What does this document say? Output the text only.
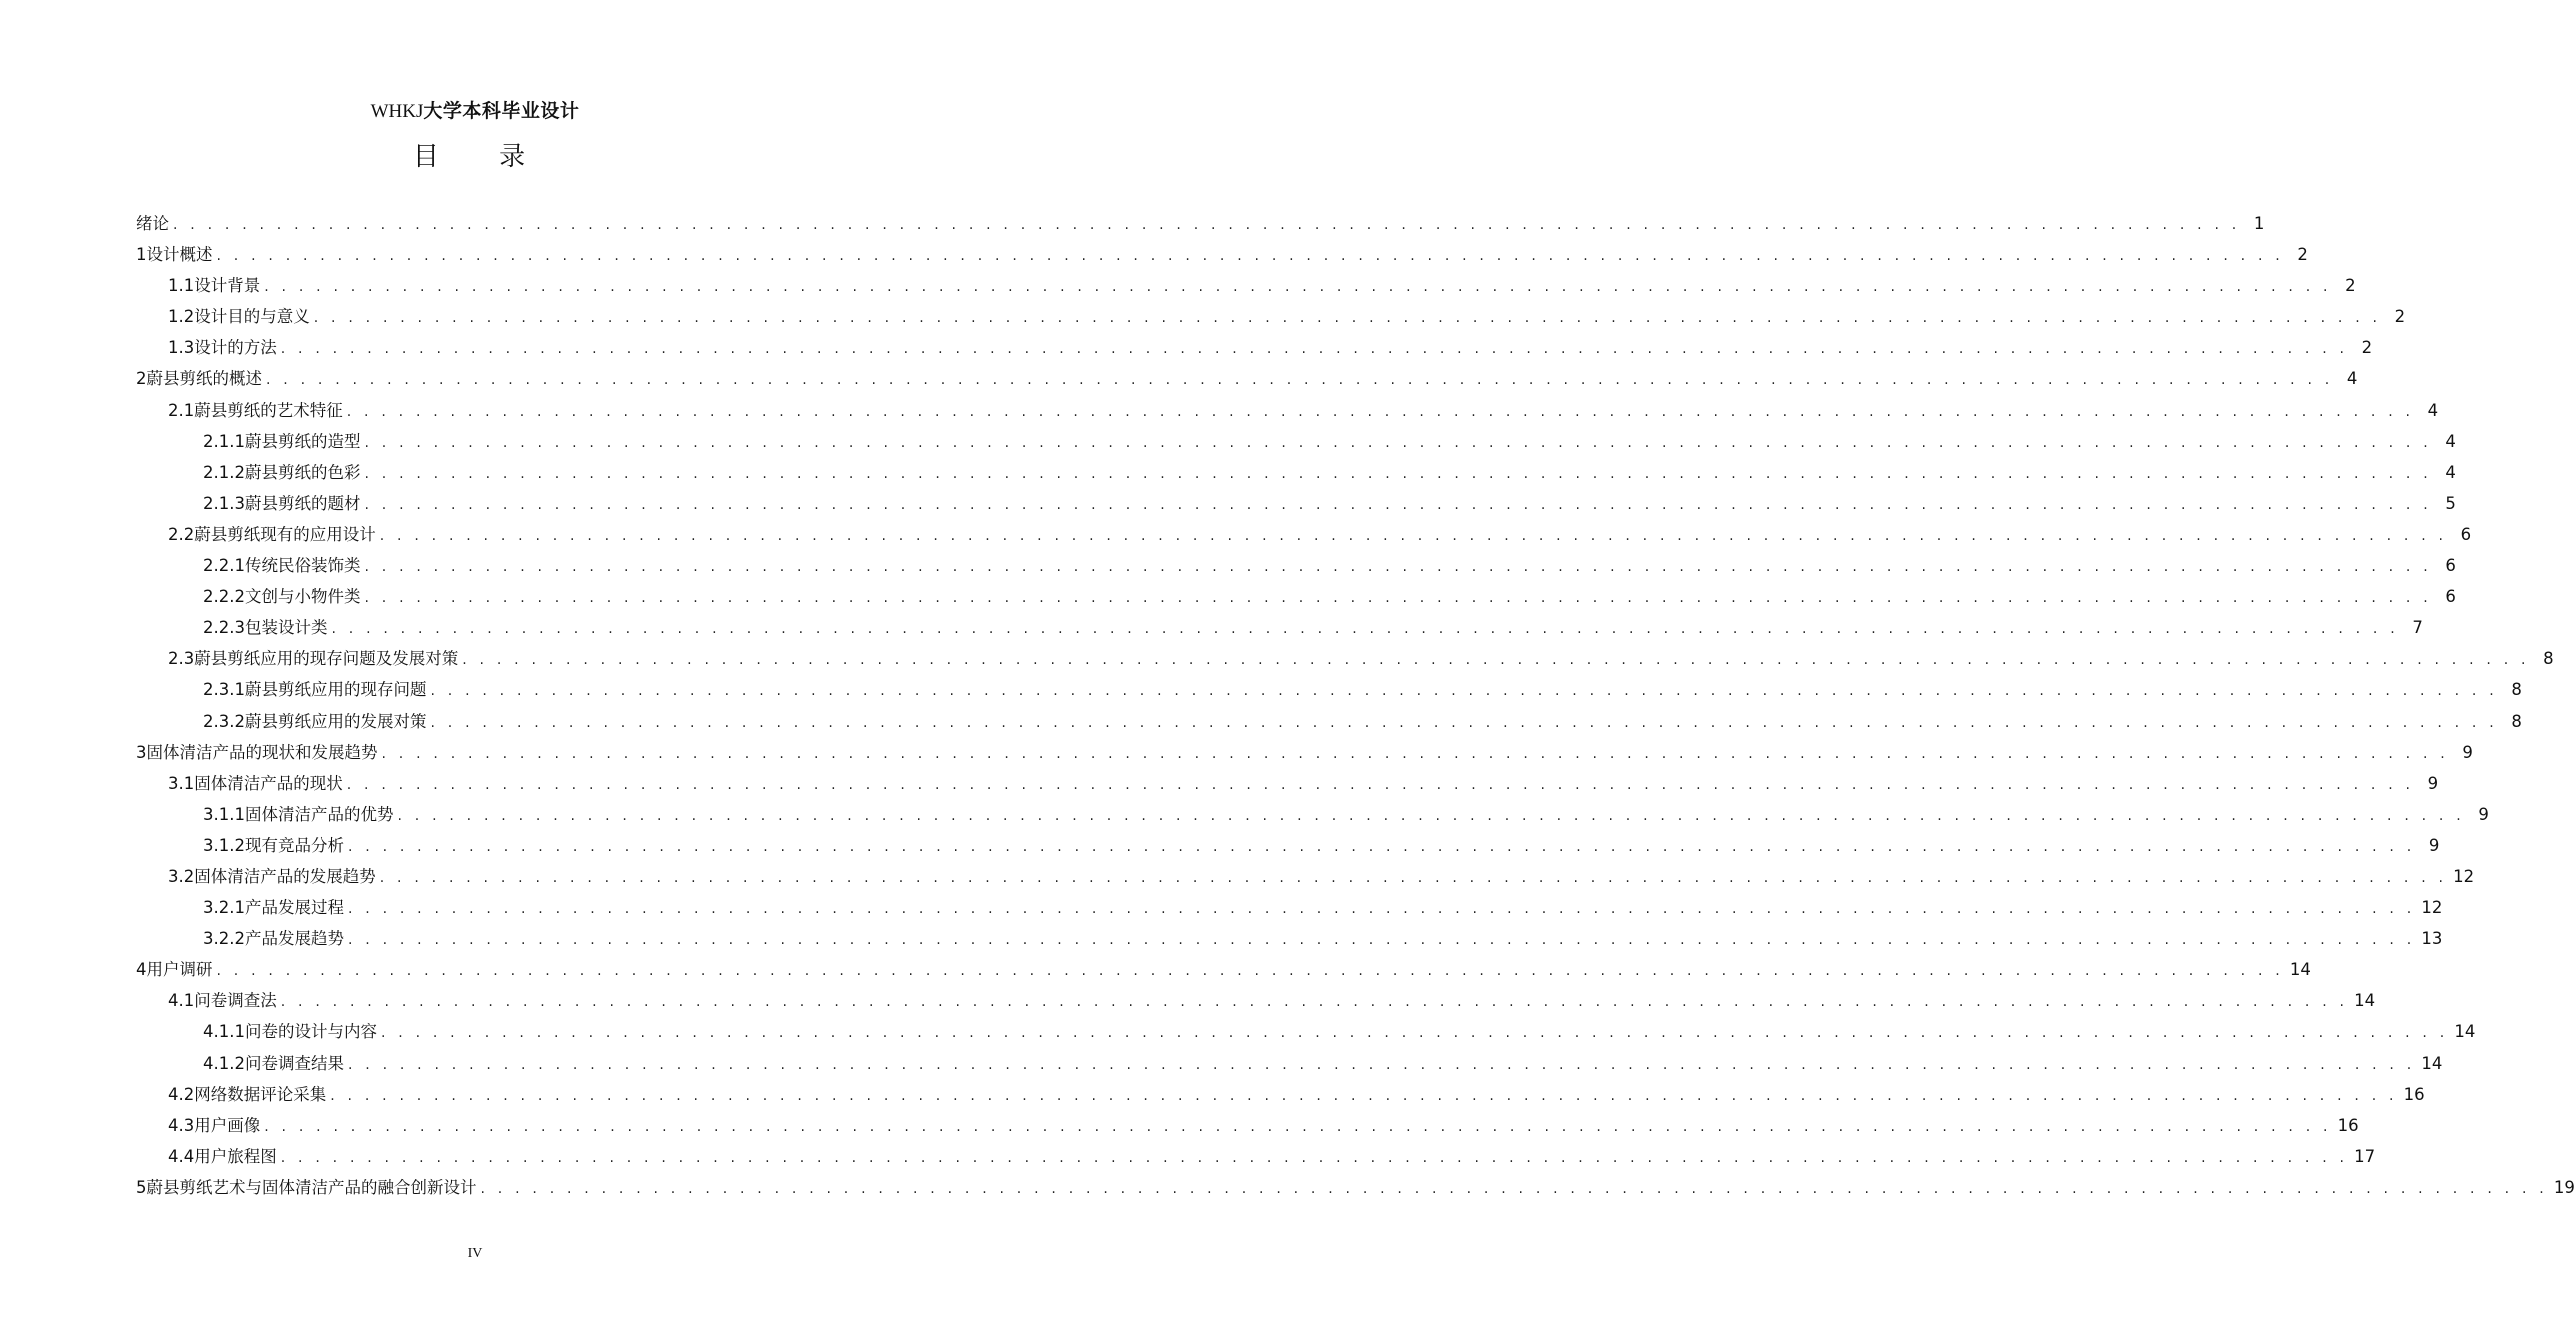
WHKJ大学本科毕业设计
目 录
绪论 . . . . . . . . . . . . . . . . . . . . . . . . . . . . . . . . . . . . . . . . . . . . . . . . . . . . . . . . . . . . . . . . . . . . . . . . . . . . . . . . . . . . . . . . . . . . . . . . . . . . . . . . . . . . . . . . . . . . . . . . 1
1 设计概述 . . . . . . . . . . . . . . . . . . . . . . . . . . . . . . . . . . . . . . . . . . . . . . . . . . . . . . . . . . . . . . . . . . . . . . . . . . . . . . . . . . . . . . . . . . . . . . . . . . . . . . . . . . . . . . . . . . . . . . . . 2
1.1 设计背景 . . . . . . . . . . . . . . . . . . . . . . . . . . . . . . . . . . . . . . . . . . . . . . . . . . . . . . . . . . . . . . . . . . . . . . . . . . . . . . . . . . . . . . . . . . . . . . . . . . . . . . . . . . . . . . . . . . . . . . . . 2
1.2 设计目的与意义 . . . . . . . . . . . . . . . . . . . . . . . . . . . . . . . . . . . . . . . . . . . . . . . . . . . . . . . . . . . . . . . . . . . . . . . . . . . . . . . . . . . . . . . . . . . . . . . . . . . . . . . . . . . . . . . . . . . . . . . . 2
1.3 设计的方法 . . . . . . . . . . . . . . . . . . . . . . . . . . . . . . . . . . . . . . . . . . . . . . . . . . . . . . . . . . . . . . . . . . . . . . . . . . . . . . . . . . . . . . . . . . . . . . . . . . . . . . . . . . . . . . . . . . . . . . . . 2
2 蔚县剪纸的概述 . . . . . . . . . . . . . . . . . . . . . . . . . . . . . . . . . . . . . . . . . . . . . . . . . . . . . . . . . . . . . . . . . . . . . . . . . . . . . . . . . . . . . . . . . . . . . . . . . . . . . . . . . . . . . . . . . . . . . . . . 4
2.1 蔚县剪纸的艺术特征 . . . . . . . . . . . . . . . . . . . . . . . . . . . . . . . . . . . . . . . . . . . . . . . . . . . . . . . . . . . . . . . . . . . . . . . . . . . . . . . . . . . . . . . . . . . . . . . . . . . . . . . . . . . . . . . . . . . . . . . . 4
2.1.1 蔚县剪纸的造型 . . . . . . . . . . . . . . . . . . . . . . . . . . . . . . . . . . . . . . . . . . . . . . . . . . . . . . . . . . . . . . . . . . . . . . . . . . . . . . . . . . . . . . . . . . . . . . . . . . . . . . . . . . . . . . . . . . . . . . . . 4
2.1.2 蔚县剪纸的色彩 . . . . . . . . . . . . . . . . . . . . . . . . . . . . . . . . . . . . . . . . . . . . . . . . . . . . . . . . . . . . . . . . . . . . . . . . . . . . . . . . . . . . . . . . . . . . . . . . . . . . . . . . . . . . . . . . . . . . . . . . 4
2.1.3 蔚县剪纸的题材 . . . . . . . . . . . . . . . . . . . . . . . . . . . . . . . . . . . . . . . . . . . . . . . . . . . . . . . . . . . . . . . . . . . . . . . . . . . . . . . . . . . . . . . . . . . . . . . . . . . . . . . . . . . . . . . . . . . . . . . . 5
2.2 蔚县剪纸现有的应用设计 . . . . . . . . . . . . . . . . . . . . . . . . . . . . . . . . . . . . . . . . . . . . . . . . . . . . . . . . . . . . . . . . . . . . . . . . . . . . . . . . . . . . . . . . . . . . . . . . . . . . . . . . . . . . . . . . . . . . . . . . 6
2.2.1 传统民俗装饰类 . . . . . . . . . . . . . . . . . . . . . . . . . . . . . . . . . . . . . . . . . . . . . . . . . . . . . . . . . . . . . . . . . . . . . . . . . . . . . . . . . . . . . . . . . . . . . . . . . . . . . . . . . . . . . . . . . . . . . . . . 6
2.2.2 文创与小物件类 . . . . . . . . . . . . . . . . . . . . . . . . . . . . . . . . . . . . . . . . . . . . . . . . . . . . . . . . . . . . . . . . . . . . . . . . . . . . . . . . . . . . . . . . . . . . . . . . . . . . . . . . . . . . . . . . . . . . . . . . 6
2.2.3 包装设计类 . . . . . . . . . . . . . . . . . . . . . . . . . . . . . . . . . . . . . . . . . . . . . . . . . . . . . . . . . . . . . . . . . . . . . . . . . . . . . . . . . . . . . . . . . . . . . . . . . . . . . . . . . . . . . . . . . . . . . . . . 7
2.3 蔚县剪纸应用的现存问题及发展对策 . . . . . . . . . . . . . . . . . . . . . . . . . . . . . . . . . . . . . . . . . . . . . . . . . . . . . . . . . . . . . . . . . . . . . . . . . . . . . . . . . . . . . . . . . . . . . . . . . . . . . . . . . . . . . . . . . . . . . . . . 8
2.3.1 蔚县剪纸应用的现存问题 . . . . . . . . . . . . . . . . . . . . . . . . . . . . . . . . . . . . . . . . . . . . . . . . . . . . . . . . . . . . . . . . . . . . . . . . . . . . . . . . . . . . . . . . . . . . . . . . . . . . . . . . . . . . . . . . . . . . . . . . 8
2.3.2 蔚县剪纸应用的发展对策 . . . . . . . . . . . . . . . . . . . . . . . . . . . . . . . . . . . . . . . . . . . . . . . . . . . . . . . . . . . . . . . . . . . . . . . . . . . . . . . . . . . . . . . . . . . . . . . . . . . . . . . . . . . . . . . . . . . . . . . . 8
3 固体清洁产品的现状和发展趋势 . . . . . . . . . . . . . . . . . . . . . . . . . . . . . . . . . . . . . . . . . . . . . . . . . . . . . . . . . . . . . . . . . . . . . . . . . . . . . . . . . . . . . . . . . . . . . . . . . . . . . . . . . . . . . . . . . . . . . . . . 9
3.1 固体清洁产品的现状 . . . . . . . . . . . . . . . . . . . . . . . . . . . . . . . . . . . . . . . . . . . . . . . . . . . . . . . . . . . . . . . . . . . . . . . . . . . . . . . . . . . . . . . . . . . . . . . . . . . . . . . . . . . . . . . . . . . . . . . . 9
3.1.1 固体清洁产品的优势 . . . . . . . . . . . . . . . . . . . . . . . . . . . . . . . . . . . . . . . . . . . . . . . . . . . . . . . . . . . . . . . . . . . . . . . . . . . . . . . . . . . . . . . . . . . . . . . . . . . . . . . . . . . . . . . . . . . . . . . . 9
3.1.2 现有竞品分析 . . . . . . . . . . . . . . . . . . . . . . . . . . . . . . . . . . . . . . . . . . . . . . . . . . . . . . . . . . . . . . . . . . . . . . . . . . . . . . . . . . . . . . . . . . . . . . . . . . . . . . . . . . . . . . . . . . . . . . . . 9
3.2 固体清洁产品的发展趋势 . . . . . . . . . . . . . . . . . . . . . . . . . . . . . . . . . . . . . . . . . . . . . . . . . . . . . . . . . . . . . . . . . . . . . . . . . . . . . . . . . . . . . . . . . . . . . . . . . . . . . . . . . . . . . . . . . . . . . . . . 12
3.2.1 产品发展过程 . . . . . . . . . . . . . . . . . . . . . . . . . . . . . . . . . . . . . . . . . . . . . . . . . . . . . . . . . . . . . . . . . . . . . . . . . . . . . . . . . . . . . . . . . . . . . . . . . . . . . . . . . . . . . . . . . . . . . . . . 12
3.2.2 产品发展趋势 . . . . . . . . . . . . . . . . . . . . . . . . . . . . . . . . . . . . . . . . . . . . . . . . . . . . . . . . . . . . . . . . . . . . . . . . . . . . . . . . . . . . . . . . . . . . . . . . . . . . . . . . . . . . . . . . . . . . . . . . 13
4 用户调研 . . . . . . . . . . . . . . . . . . . . . . . . . . . . . . . . . . . . . . . . . . . . . . . . . . . . . . . . . . . . . . . . . . . . . . . . . . . . . . . . . . . . . . . . . . . . . . . . . . . . . . . . . . . . . . . . . . . . . . . . 14
4.1 问卷调查法 . . . . . . . . . . . . . . . . . . . . . . . . . . . . . . . . . . . . . . . . . . . . . . . . . . . . . . . . . . . . . . . . . . . . . . . . . . . . . . . . . . . . . . . . . . . . . . . . . . . . . . . . . . . . . . . . . . . . . . . . 14
4.1.1 问卷的设计与内容 . . . . . . . . . . . . . . . . . . . . . . . . . . . . . . . . . . . . . . . . . . . . . . . . . . . . . . . . . . . . . . . . . . . . . . . . . . . . . . . . . . . . . . . . . . . . . . . . . . . . . . . . . . . . . . . . . . . . . . . . 14
4.1.2 问卷调查结果 . . . . . . . . . . . . . . . . . . . . . . . . . . . . . . . . . . . . . . . . . . . . . . . . . . . . . . . . . . . . . . . . . . . . . . . . . . . . . . . . . . . . . . . . . . . . . . . . . . . . . . . . . . . . . . . . . . . . . . . . 14
4.2 网络数据评论采集 . . . . . . . . . . . . . . . . . . . . . . . . . . . . . . . . . . . . . . . . . . . . . . . . . . . . . . . . . . . . . . . . . . . . . . . . . . . . . . . . . . . . . . . . . . . . . . . . . . . . . . . . . . . . . . . . . . . . . . . . 16
4.3 用户画像 . . . . . . . . . . . . . . . . . . . . . . . . . . . . . . . . . . . . . . . . . . . . . . . . . . . . . . . . . . . . . . . . . . . . . . . . . . . . . . . . . . . . . . . . . . . . . . . . . . . . . . . . . . . . . . . . . . . . . . . . 16
4.4 用户旅程图 . . . . . . . . . . . . . . . . . . . . . . . . . . . . . . . . . . . . . . . . . . . . . . . . . . . . . . . . . . . . . . . . . . . . . . . . . . . . . . . . . . . . . . . . . . . . . . . . . . . . . . . . . . . . . . . . . . . . . . . . 17
5 蔚县剪纸艺术与固体清洁产品的融合创新设计 . . . . . . . . . . . . . . . . . . . . . . . . . . . . . . . . . . . . . . . . . . . . . . . . . . . . . . . . . . . . . . . . . . . . . . . . . . . . . . . . . . . . . . . . . . . . . . . . . . . . . . . . . . . . . . . . . . . . . . . . 19
IV
